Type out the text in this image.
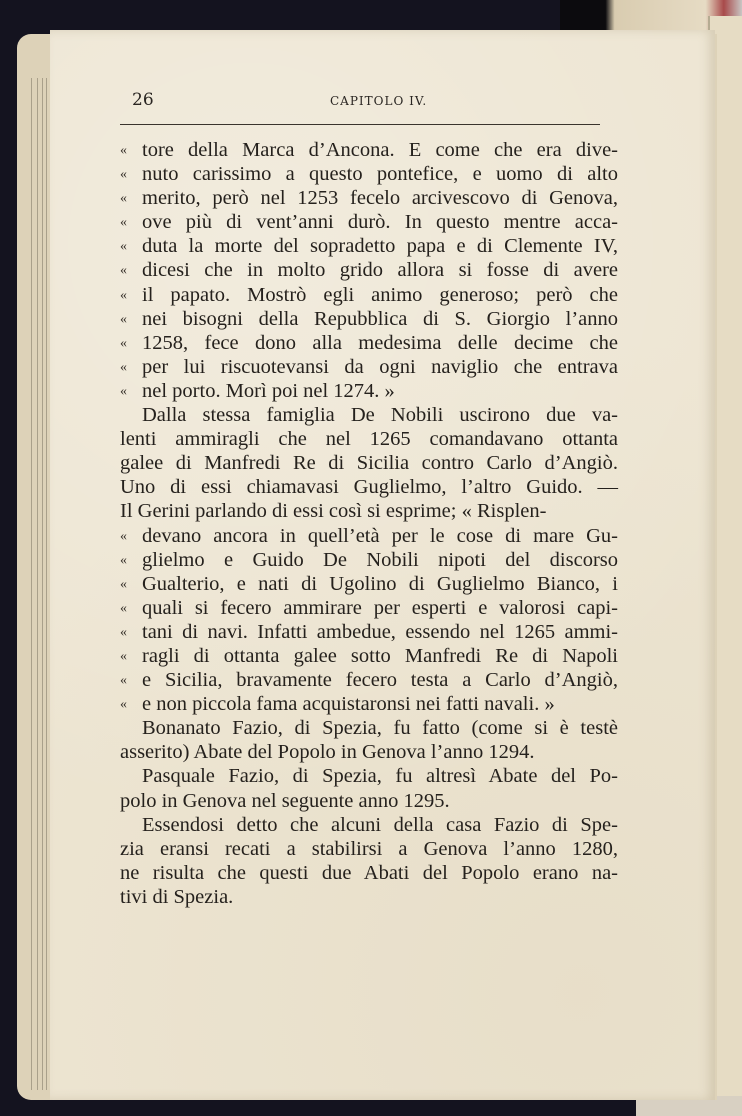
26	CAPITOLO IV.
« tore della Marca d’Ancona. E come che era dive-
« nuto carissimo a questo pontefice, e uomo di alto
« merito, però nel 1253 fecelo arcivescovo di Genova,
« ove più di vent’anni durò. In questo mentre acca-
« duta la morte del sopradetto papa e di Clemente IV,
« dicesi che in molto grido allora si fosse di avere
« il papato. Mostrò egli animo generoso; però che
« nei bisogni della Repubblica di S. Giorgio l’anno
« 1258, fece dono alla medesima delle decime che
« per lui riscuotevansi da ogni naviglio che entrava
« nel porto. Morì poi nel 1274. »
Dalla stessa famiglia De Nobili uscirono due va-
lenti ammiragli che nel 1265 comandavano ottanta
galee di Manfredi Re di Sicilia contro Carlo d’Angiò.
Uno di essi chiamavasi Guglielmo, l’altro Guido. —
Il Gerini parlando di essi così si esprime; « Risplen-
« devano ancora in quell’età per le cose di mare Gu-
« glielmo e Guido De Nobili nipoti del discorso
« Gualterio, e nati di Ugolino di Guglielmo Bianco, i
« quali si fecero ammirare per esperti e valorosi capi-
« tani di navi. Infatti ambedue, essendo nel 1265 ammi-
« ragli di ottanta galee sotto Manfredi Re di Napoli
« e Sicilia, bravamente fecero testa a Carlo d’Angiò,
« e non piccola fama acquistaronsi nei fatti navali. »
Bonanato Fazio, di Spezia, fu fatto (come si è testè
asserito) Abate del Popolo in Genova l’anno 1294.
Pasquale Fazio, di Spezia, fu altresì Abate del Po-
polo in Genova nel seguente anno 1295.
Essendosi detto che alcuni della casa Fazio di Spe-
zia eransi recati a stabilirsi a Genova l’anno 1280,
ne risulta che questi due Abati del Popolo erano na-
tivi di Spezia.
